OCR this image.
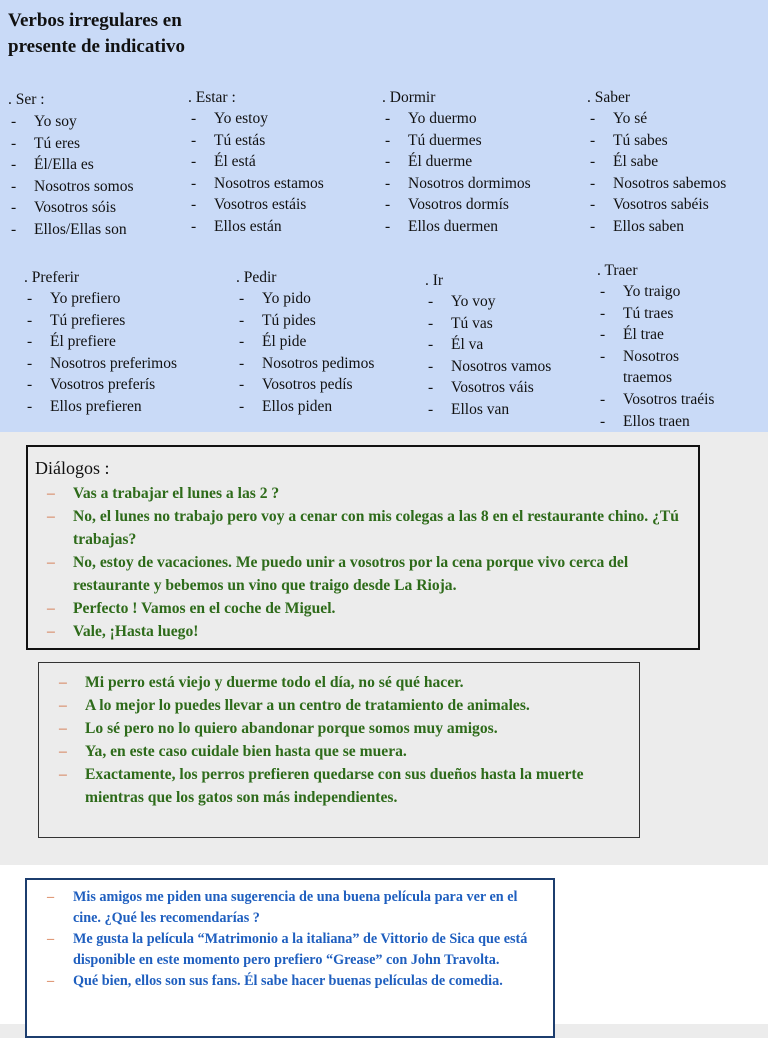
Verbos irregulares en
presente de indicativo
. Ser :
- Yo soy
- Tú eres
- Él/Ella es
- Nosotros somos
- Vosotros sóis
- Ellos/Ellas son
. Estar :
- Yo estoy
- Tú estás
- Él está
- Nosotros estamos
- Vosotros estáis
- Ellos están
. Dormir
- Yo duermo
- Tú duermes
- Él duerme
- Nosotros dormimos
- Vosotros dormís
- Ellos duermen
. Saber
- Yo sé
- Tú sabes
- Él sabe
- Nosotros sabemos
- Vosotros sabéis
- Ellos saben
. Preferir
- Yo prefiero
- Tú prefieres
- Él prefiere
- Nosotros preferimos
- Vosotros preferís
- Ellos prefieren
. Pedir
- Yo pido
- Tú pides
- Él pide
- Nosotros pedimos
- Vosotros pedís
- Ellos piden
. Ir
- Yo voy
- Tú vas
- Él va
- Nosotros vamos
- Vosotros váis
- Ellos van
. Traer
- Yo traigo
- Tú traes
- Él trae
- Nosotros traemos
- Vosotros traéis
- Ellos traen
Diálogos :
– Vas a trabajar el lunes a las 2 ?
– No, el lunes no trabajo pero voy a cenar con mis colegas a las 8 en el restaurante chino. ¿Tú trabajas?
– No, estoy de vacaciones. Me puedo unir a vosotros por la cena porque vivo cerca del restaurante y bebemos un vino que traigo desde La Rioja.
– Perfecto ! Vamos en el coche de Miguel.
– Vale, ¡Hasta luego!
– Mi perro está viejo y duerme todo el día, no sé qué hacer.
– A lo mejor lo puedes llevar a un centro de tratamiento de animales.
– Lo sé pero no lo quiero abandonar porque somos muy amigos.
– Ya, en este caso cuidale bien hasta que se muera.
– Exactamente, los perros prefieren quedarse con sus dueños hasta la muerte mientras que los gatos son más independientes.
– Mis amigos me piden una sugerencia de una buena película para ver en el cine. ¿Qué les recomendarías ?
– Me gusta la película “Matrimonio a la italiana” de Vittorio de Sica que está disponible en este momento pero prefiero “Grease” con John Travolta.
– Qué bien, ellos son sus fans. Él sabe hacer buenas películas de comedia.
